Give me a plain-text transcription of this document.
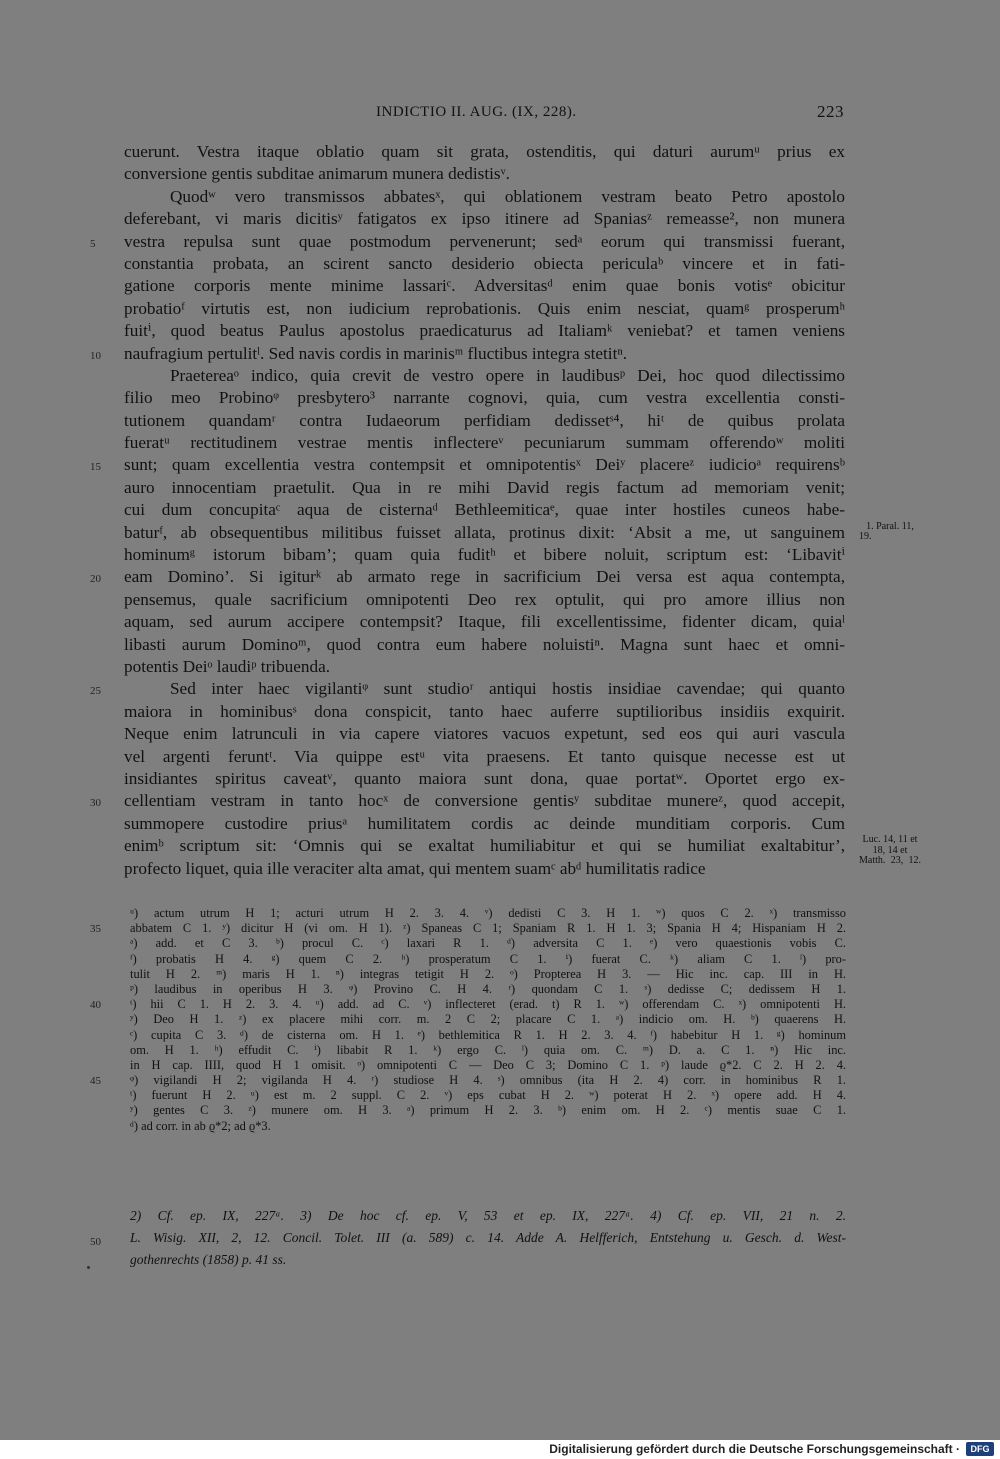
INDICTIO II. AUG. (IX, 228).	223
cuerunt. Vestra itaque oblatio quam sit grata, ostenditis, qui daturi aurumᵘ prius ex
conversione gentis subditae animarum munera dedistisᵛ.
Quodʷ vero transmissos abbatesˣ, qui oblationem vestram beato Petro apostolo
deferebant, vi maris dicitisʸ fatigatos ex ipso itinere ad Spaniasᶻ remeasse², non munera
vestra repulsa sunt quae postmodum pervenerunt; sedᵃ eorum qui transmissi fuerant,
5
constantia probata, an scirent sancto desiderio obiecta periculaᵇ vincere et in fati-
gatione corporis mente minime lassariᶜ. Adversitasᵈ enim quae bonis votisᵉ obicitur
probatioᶠ virtutis est, non iudicium reprobationis. Quis enim nesciat, quamᵍ prosperumʰ
fuitⁱ, quod beatus Paulus apostolus praedicaturus ad Italiamᵏ veniebat? et tamen veniens
naufragium pertulitˡ. Sed navis cordis in marinisᵐ fluctibus integra stetitⁿ.
10
Praetereaᵒ indico, quia crevit de vestro opere in laudibusᵖ Dei, hoc quod dilectissimo
filio meo Probinoᵠ presbytero³ narrante cognovi, quia, cum vestra excellentia consti-
tutionem quandamʳ contra Iudaeorum perfidiam dedissetˢ⁴, hiᵗ de quibus prolata
fueratᵘ rectitudinem vestrae mentis inflectereᵛ pecuniarum summam offerendoʷ moliti
sunt; quam excellentia vestra contempsit et omnipotentisˣ Deiʸ placereᶻ iudicioᵃ requirensᵇ
15
auro innocentiam praetulit. Qua in re mihi David regis factum ad memoriam venit;
cui dum concupitaᶜ aqua de cisternaᵈ Bethleemiticaᵉ, quae inter hostiles cuneos habe-
baturᶠ, ab obsequentibus militibus fuisset allata, protinus dixit: ‘Absit a me, ut sanguinem	1. Paral. 11, 19.
hominumᵍ istorum bibam’; quam quia fuditʰ et bibere noluit, scriptum est: ‘Libavitⁱ
eam Domino’. Si igiturᵏ ab armato rege in sacrificium Dei versa est aqua contempta,
20
pensemus, quale sacrificium omnipotenti Deo rex optulit, qui pro amore illius non
aquam, sed aurum accipere contempsit? Itaque, fili excellentissime, fidenter dicam, quiaˡ
libasti aurum Dominoᵐ, quod contra eum habere noluistiⁿ. Magna sunt haec et omni-
potentis Deiᵒ laudiᵖ tribuenda.
Sed inter haec vigilantiᵠ sunt studioʳ antiqui hostis insidiae cavendae; qui quanto
25
maiora in hominibusˢ dona conspicit, tanto haec auferre suptilioribus insidiis exquirit.
Neque enim latrunculi in via capere viatores vacuos expetunt, sed eos qui auri vascula
vel argenti feruntᵗ. Via quippe estᵘ vita praesens. Et tanto quisque necesse est ut
insidiantes spiritus caveatᵛ, quanto maiora sunt dona, quae portatʷ. Oportet ergo ex-
cellentiam vestram in tanto hocˣ de conversione gentisʸ subditae munereᶻ, quod accepit,
30
summopere custodire priusᵃ humilitatem cordis ac deinde munditiam corporis. Cum
enimᵇ scriptum sit: ‘Omnis qui se exaltat humiliabitur et qui se humiliat exaltabitur’,	Luc. 14, 11 et 18, 14 et Matth. 23, 12.
profecto liquet, quia ille veraciter alta amat, qui mentem suamᶜ abᵈ humilitatis radice
ᵘ) actum utrum H 1; acturi utrum H 2. 3. 4. ᵛ) dedisti C 3. H 1. ʷ) quos C 2. ˣ) transmisso
abbatem C 1. ʸ) dicitur H (vi om. H 1). ᶻ) Spaneas C 1; Spaniam R 1. H 1. 3; Spania H 4; Hispaniam H 2.
35
ᵃ) add. et C 3. ᵇ) procul C. ᶜ) laxari R 1. ᵈ) adversita C 1. ᵉ) vero quaestionis vobis C.
ᶠ) probatis H 4. ᵍ) quem C 2. ʰ) prosperatum C 1. ⁱ) fuerat C. ᵏ) aliam C 1. ˡ) pro-
tulit H 2. ᵐ) maris H 1. ⁿ) integras tetigit H 2. ᵒ) Propterea H 3. — Hic inc. cap. III in H.
ᵖ) laudibus in operibus H 3. ᵠ) Provino C. H 4. ʳ) quondam C 1. ˢ) dedisse C; dedissem H 1.
ᵗ) hii C 1. H 2. 3. 4. ᵘ) add. ad C. ᵛ) inflecteret (erad. t) R 1. ʷ) offerendam C. ˣ) omnipotenti H.
40
ʸ) Deo H 1. ᶻ) ex placere mihi corr. m. 2 C 2; placare C 1. ᵃ) indicio om. H. ᵇ) quaerens H.
ᶜ) cupita C 3. ᵈ) de cisterna om. H 1. ᵉ) bethlemitica R 1. H 2. 3. 4. ᶠ) habebitur H 1. ᵍ) hominum
om. H 1. ʰ) effudit C. ⁱ) libabit R 1. ᵏ) ergo C. ˡ) quia om. C. ᵐ) D. a. C 1. ⁿ) Hic inc.
in H cap. IIII, quod H 1 omisit. ᵒ) omnipotenti C — Deo C 3; Domino C 1. ᵖ) laude ϱ*2. C 2. H 2. 4.
ᵠ) vigilandi H 2; vigilanda H 4. ʳ) studiose H 4. ˢ) omnibus (ita H 2. 4) corr. in hominibus R 1.
45
ᵗ) fuerunt H 2. ᵘ) est m. 2 suppl. C 2. ᵛ) eps cubat H 2. ʷ) poterat H 2. ˣ) opere add. H 4.
ʸ) gentes C 3. ᶻ) munere om. H 3. ᵃ) primum H 2. 3. ᵇ) enim om. H 2. ᶜ) mentis suae C 1.
ᵈ) ad corr. in ab ϱ*2; ad ϱ*3.
2) Cf. ep. IX, 227ᵃ. 3) De hoc cf. ep. V, 53 et ep. IX, 227ᵃ. 4) Cf. ep. VII, 21 n. 2.
L. Wisig. XII, 2, 12. Concil. Tolet. III (a. 589) c. 14. Adde A. Helfferich, Entstehung u. Gesch. d. West-
50
gothenrechts (1858) p. 41 ss.
Digitalisierung gefördert durch die Deutsche Forschungsgemeinschaft ·	DFG
